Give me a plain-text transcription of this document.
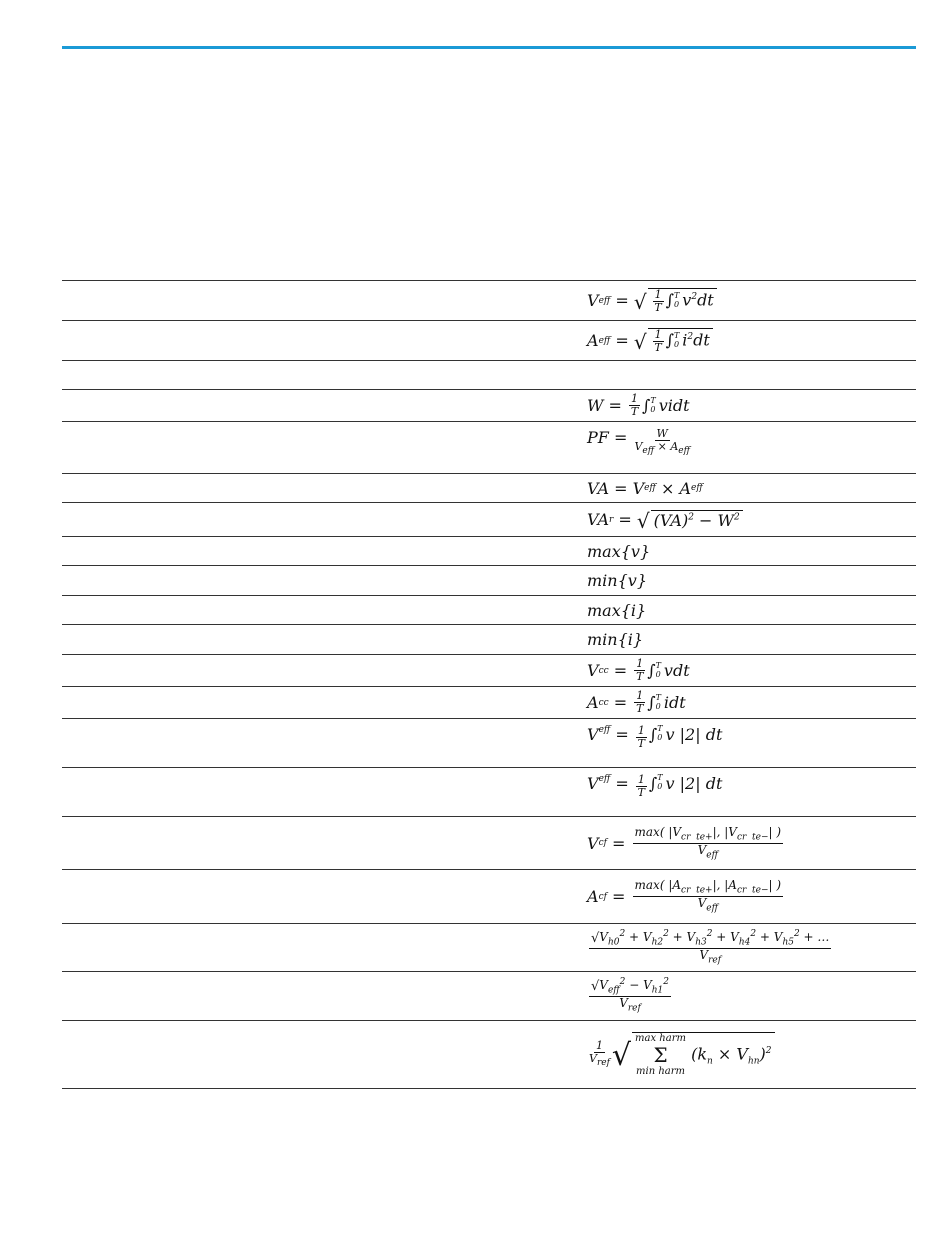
V eff = √ $\frac{1}{T}$ ∫ T
0 $v^2dt$
A eff = √ $\frac{1}{T}$ ∫ T
0 $i^2dt$
$W = \frac{1}{T}$ ∫ T
0 vidt
PF = $\frac{W}{V_{eff} \times A_{eff}}$
VA = V eff × A eff
VA r = √ $(VA)^2 - W^2$
max{v}
min{v}
max{i}
min{i}
V cc = $\frac{1}{T}$ ∫ T
0 vdt
A cc = $\frac{1}{T}$ ∫ T
0 idt
$V^{eff} = \frac{1}{T}$ ∫ T
0 v |2| dt
$V^{eff} = \frac{1}{T}$ ∫ T
0 v |2| dt
V cf = $\frac{\max( |V_{cr te+}|, |V_{cr te-}| )}{V_{eff}}$
A cf = $\frac{\max( |A_{cr te+}|, |A_{cr te-}| )}{V_{eff}}$
$\frac{√V_{h0}^2 + V_{h2}^2 + V_{h3}^2 + V_{h4}^2 + V_{h5}^2 + \dots}{V_{ref}}$
$\frac{√V_{eff}^2 - V_{h1}^2}{V_{ref}}$
$\frac{1}{V_{ref}}$ √ max harm
Σ
min harm
$(k_n \times V_{hn})^2$
